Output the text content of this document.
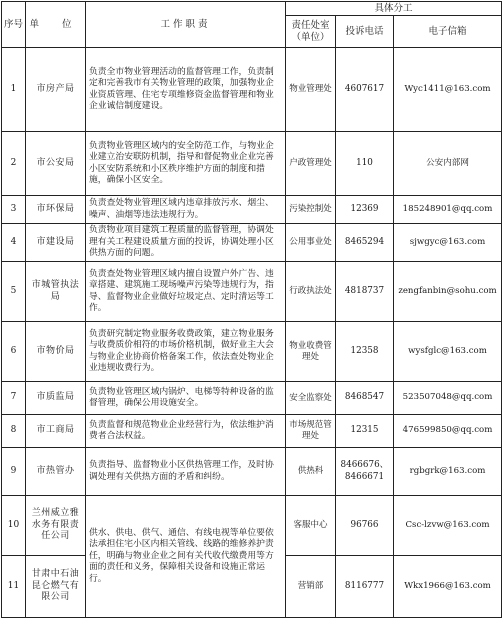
序号	单 位	工作职责	具体分工		
			责任处室（单位）	投诉电话	电子信箱
1	市房产局	负责全市物业管理活动的监督管理工作，负责制定和完善我市有关物业管理的政策，加强物业企业资质管理、住宅专项维修资金监督管理和物业企业诚信制度建设。	物业管理处	4607617	Wyc1411@163.com
2	市公安局	负责物业管理区域内的安全防范工作，与物业企业建立治安联防机制，指导和督促物业企业完善小区安防系统和小区秩序维护方面的制度和措施，确保小区安全。	户政管理处	110	公安内部网
3	市环保局	负责查处物业管理区域内违章排放污水、烟尘、噪声、油烟等违法违规行为。	污染控制处	12369	185248901@qq.com
4	市建设局	负责物业项目建筑工程质量的监督管理，协调处理有关工程建设质量方面的投诉，协调处理小区供热方面的问题。	公用事业处	8465294	sjwgyc@163.com
5	市城管执法局	负责查处物业管理区域内擅自设置户外广告、违章搭建、建筑施工现场噪声污染等违规行为，指导、监督物业企业做好垃圾定点、定时清运等工作。	行政执法处	4818737	zengfanbin@sohu.com
6	市物价局	负责研究制定物业服务收费政策，建立物业服务与收费质价相符的市场价格机制，做好业主大会与物业企业协商价格备案工作，依法查处物业企业违规收费行为。	物业收费管理处	12358	wysfglc@163.com
7	市质监局	负责物业管理区域内锅炉、电梯等特种设备的监督管理，确保公用设施安全。	安全监察处	8468547	523507048@qq.com
8	市工商局	负责监督和规范物业企业经营行为，依法维护消费者合法权益。	市场规范管理处	12315	476599850@qq.com
9	市热管办	负责指导、监督物业小区供热管理工作，及时协调处理有关供热方面的矛盾和纠纷。	供热科	8466676、8466671	rgbgrk@163.com
10	兰州威立雅水务有限责任公司	供水、供电、供气、通信、有线电视等单位要依法承担住宅小区内相关管线、线路的维修养护责任，明确与物业企业之间有关代收代缴费用等方面的责任和义务，保障相关设备和设施正常运行。	客服中心	96766	Csc-lzvw@163.com
11	甘肃中石油昆仑燃气有限公司		营销部	8116777	Wkx1966@163.com
